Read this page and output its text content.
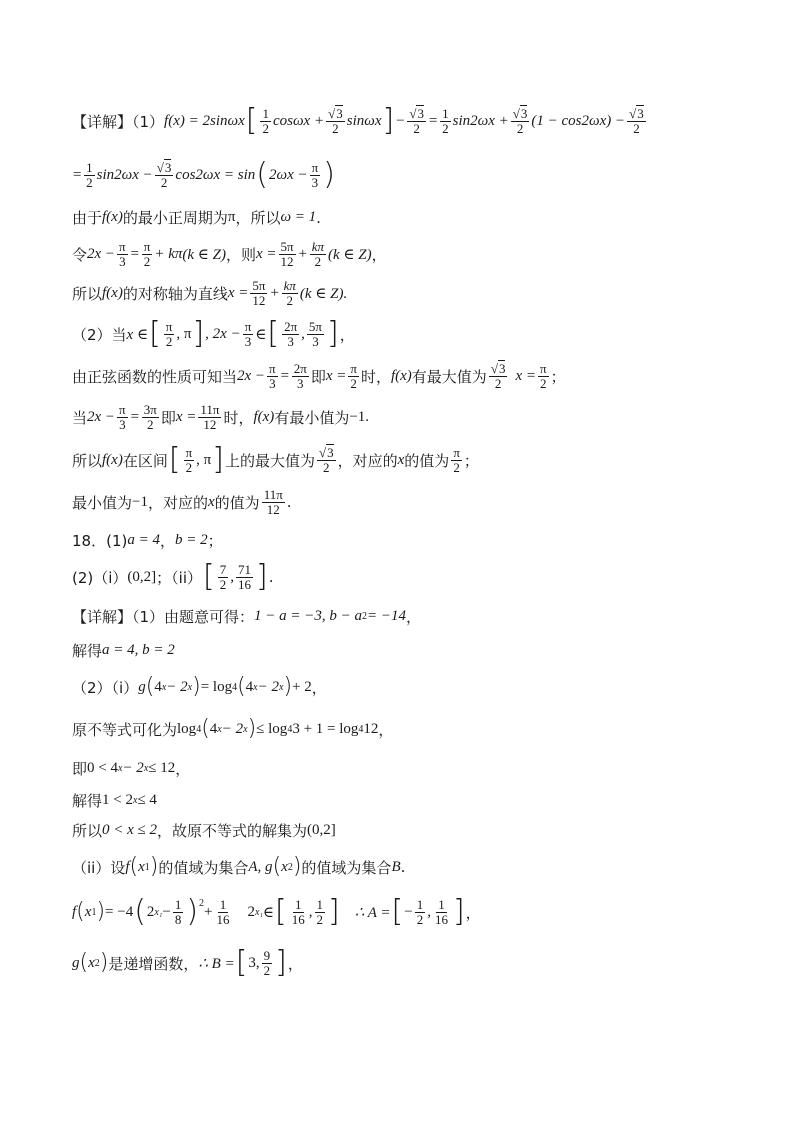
【详解】（1） f(x) = 2sinωx [ $\frac{1}{2}$ $\cos\omega x + \frac{√3}{2}$ sinωx ] − $\frac{√3}{2} = \frac{1}{2} \sin 2\omega x + \frac{√3}{2} (1 - \cos 2\omega x) - \frac{√3}{2}$
= $\frac{1}{2} \sin 2\omega x - \frac{√3}{2} \cos 2\omega x = \sin$ ( $2\omega x - \frac{\pi}{3}$ )
由于 f(x) 的最小正周期为 π ，所以 ω = 1 .
令 $2x - \frac{\pi}{3} = \frac{\pi}{2} + k\pi$ (k ∈ Z) ，则 $x = \frac{5\pi}{12} + \frac{k\pi}{2} (k$ ∈ Z) ，
所以 f(x) 的对称轴为直线 $x = \frac{5\pi}{12} + \frac{k\pi}{2} (k$ ∈ Z).
（2）当 x ∈ [ $\frac{\pi}{2}$ , π ] , $2x - \frac{\pi}{3}$ ∈ [ $\frac{2\pi}{3}$ , $\frac{5\pi}{3}$ ] ，
由正弦函数的性质可知当 $2x - \frac{\pi}{3} = \frac{2\pi}{3}$ 即 $x = \frac{\pi}{2}$ 时， f(x) 有最大值为 $\frac{√3}{2}$ $x = \frac{\pi}{2}$ ；
当 $2x - \frac{\pi}{3} = \frac{3\pi}{2}$ 即 $x = \frac{11\pi}{12}$ 时， f(x) 有最小值为 −1.
所以 f(x) 在区间 [ $\frac{\pi}{2}$ , π ] 上的最大值为 $\frac{√3}{2}$ ，对应的 x 的值为 $\frac{\pi}{2}$ ；
最小值为 −1 ，对应的 x 的值为 $\frac{11\pi}{12}$ .
18．(1) a = 4 ， b = 2 ；
(2)（i） (0,2] ；（ii） [ $\frac{7}{2}$ , $\frac{71}{16}$ ] .
【详解】（1）由题意可得： 1 − a = −3, b − a 2 = −14 ，
解得 a = 4, b = 2
（2）（i） g ( 4 x − 2 x ) = log 4 ( 4 x − 2 x ) + 2 ，
原不等式可化为 log 4 ( 4 x − 2 x ) ≤ log 4 3 + 1 = log 4 12 ，
即 0 < 4 x − 2 x ≤ 12 ，
解得 1 < 2 x ≤ 4
所以 0 < x ≤ 2 ，故原不等式的解集为 (0,2]
（ii）设 f ( x 1 ) 的值域为集合 A, g ( x 2 ) 的值域为集合 B .
f ( x 1 ) = −4 ( 2 $x_1 - \frac{1}{8} )^2$
+ $\frac{1}{16} 2$ x₁ ∈ [ $\frac{1}{16}$ , $\frac{1}{2}$ ] ∴ A = [ − $\frac{1}{2}$ , $\frac{1}{16}$ ] ，
g ( x 2 ) 是递增函数， ∴ B = [ 3, $\frac{9}{2}$ ] ，
